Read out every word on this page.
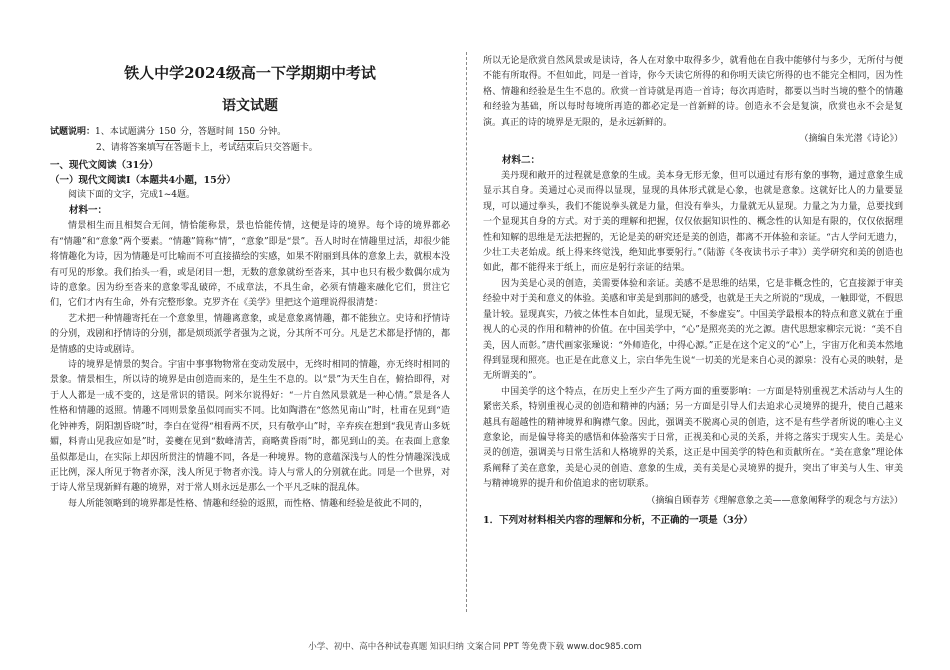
铁人中学2024级高一下学期期中考试
语文试题
试题说明：1、本试题满分 150 分，答题时间 150 分钟。
2、请将答案填写在答题卡上，考试结束后只交答题卡。
一、现代文阅读（31分）
（一）现代文阅读Ⅰ（本题共4小题，15分）

阅读下面的文字，完成1~4题。

材料一：

情景相生而且相契合无间，情恰能称景，景也恰能传情，这便是诗的境界。每个诗的境界都必有“情趣”和“意象”两个要素。“情趣”简称“情”，“意象”即是“景”。吾人时时在情趣里过活，却很少能将情趣化为诗，因为情趣是可比喻而不可直接描绘的实感，如果不附丽到具体的意象上去，就根本没有可见的形象。我们抬头一看，或是闭目一想，无数的意象就纷至沓来，其中也只有极少数偶尔成为诗的意象。因为纷至沓来的意象零乱破碎，不成章法，不具生命，必须有情趣来融化它们，贯注它们，它们才内有生命，外有完整形象。克罗齐在《美学》里把这个道理说得很清楚：

艺术把一种情趣寄托在一个意象里，情趣离意象，或是意象离情趣，都不能独立。史诗和抒情诗的分别，戏剧和抒情诗的分别，都是烦琐派学者强为之说，分其所不可分。凡是艺术都是抒情的，都是情感的史诗或剧诗。

诗的境界是情景的契合。宇宙中事事物物常在变动发展中，无终时相同的情趣，亦无终时相同的景象。情景相生，所以诗的境界是由创造而来的，是生生不息的。以“景”为天生自在，俯拾即得，对于人人都是一成不变的，这是常识的错误。阿米尔说得好：“一片自然风景就是一种心情。”景是各人性格和情趣的返照。情趣不同则景象虽似同而实不同。比如陶潜在“悠然见南山”时，杜甫在见到“造化钟神秀，阴阳割昏晓”时，李白在觉得“相看两不厌，只有敬亭山”时，辛弃疾在想到“我见青山多妩媚，料青山见我应如是”时，姜夔在见到“数峰清苦，商略黄昏雨”时，都见到山的美。在表面上意象虽似都是山，在实际上却因所贯注的情趣不同，各是一种境界。物的意蕴深浅与人的性分情趣深浅成正比例，深人所见于物者亦深，浅人所见于物者亦浅。诗人与常人的分别就在此。同是一个世界，对于诗人常呈现新鲜有趣的境界，对于常人则永远是那么一个平凡乏味的混乱体。

每人所能领略到的境界都是性格、情趣和经验的返照，而性格、情趣和经验是彼此不同的，

所以无论是欣赏自然风景或是读诗，各人在对象中取得多少，就看他在自我中能够付与多少，无所付与便不能有所取得。不但如此，同是一首诗，你今天读它所得的和你明天读它所得的也不能完全相同，因为性格、情趣和经验是生生不息的。欣赏一首诗就是再造一首诗；每次再造时，都要以当时当境的整个的情趣和经验为基础，所以每时每境所再造的都必定是一首新鲜的诗。创造永不会是复演，欣赏也永不会是复演。真正的诗的境界是无限的，是永远新鲜的。

（摘编自朱光潜《诗论》）
材料二：

美丹现和敞开的过程就是意象的生成。美本身无形无象，但可以通过有形有象的事物，通过意象生成显示其自身。美通过心灵而得以显现，显现的具体形式就是心象，也就是意象。这就好比人的力量要显现，可以通过拳头，我们不能说拳头就是力量，但没有拳头，力量就无从显现。力量之为力量，总要找到一个显现其自身的方式。对于美的理解和把握，仅仅依据知识性的、概念性的认知是有限的，仅仅依据理性和知解的思维是无法把握的，无论是美的研究还是美的创造，都离不开体验和亲证。“古人学问无遗力，少壮工夫老始成。纸上得来终觉浅，绝知此事要躬行。”（陆游《冬夜读书示子聿》）美学研究和美的创造也如此，都不能得来于纸上，而应是躬行亲证的结果。

因为美是心灵的创造，美需要体验和亲证。美感不是思维的结果，它是非概念性的，它直接源于审美经验中对于美和意义的体验。美感和审美是到那间的感受，也就是王夫之所说的“现成，一触即觉，不假思量计较。显现真实，乃彼之体性本自如此，显现无疑，不参虚妄”。中国美学最根本的特点和意义就在于重视人的心灵的作用和精神的价值。在中国美学中，“心”是照亮美的光之源。唐代思想家柳宗元说：“美不自美，因人而彰。”唐代画家张璪说：“外师造化，中得心源。”正是在这个定义的“心”上，宇宙万化和美本然地得到显现和照亮。也正是在此意义上，宗白华先生说“一切美的光是来自心灵的源泉：没有心灵的映射，是无所谓美的”。

中国美学的这个特点，在历史上至少产生了两方面的重要影响：一方面是特别重视艺术活动与人生的紧密关系，特别重视心灵的创造和精神的内涵；另一方面是引导人们去追求心灵境界的提升，使自己越来越具有超越性的精神境界和胸襟气象。因此，强调美不脱离心灵的创造，这不是有些学者所说的唯心主义意象论，而是偏导将美的感悟和体验落实于日常，正视美和心灵的关系，并将之落实于现实人生。美是心灵的创造，强调美与日常生活和人格境界的关系，这正是中国美学的特色和贡献所在。“美在意象”理论体系阐释了美在意象，美是心灵的创造、意象的生成，美有美是心灵境界的提升，突出了审美与人生、审美与精神境界的提升和价值追求的密切联系。

（摘编自顾春芳《理解意象之美——意象阐释学的观念与方法》）
1．下列对材料相关内容的理解和分析，不正确的一项是（3分）
小学、初中、高中各种试卷真题 知识归纳 文案合同 PPT 等免费下载 www.doc985.com
